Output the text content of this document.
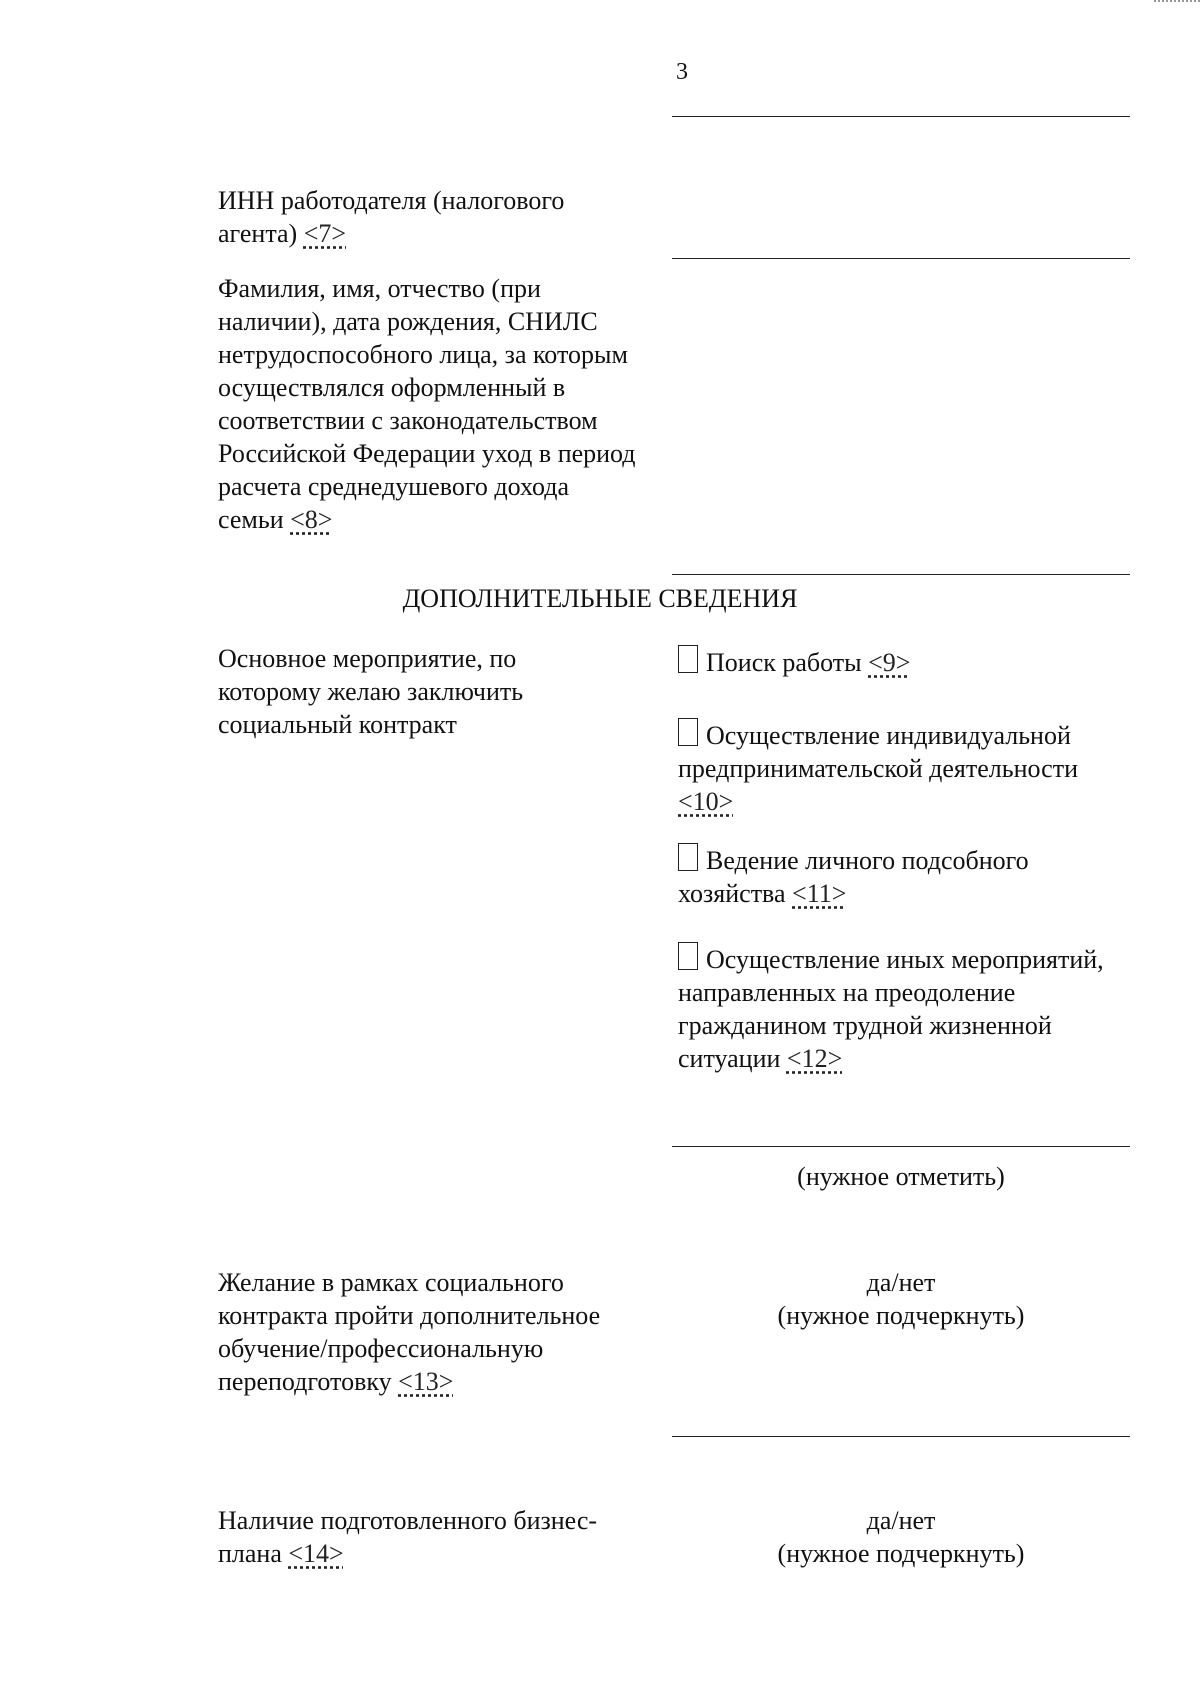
3
ИНН работодателя (налогового агента) <7>
Фамилия, имя, отчество (при наличии), дата рождения, СНИЛС нетрудоспособного лица, за которым осуществлялся оформленный в соответствии с законодательством Российской Федерации уход в период расчета среднедушевого дохода семьи <8>
ДОПОЛНИТЕЛЬНЫЕ СВЕДЕНИЯ
Основное мероприятие, по которому желаю заключить социальный контракт
Поиск работы <9>
Осуществление индивидуальной предпринимательской деятельности <10>
Ведение личного подсобного хозяйства <11>
Осуществление иных мероприятий, направленных на преодоление гражданином трудной жизненной ситуации <12>
(нужное отметить)
Желание в рамках социального контракта пройти дополнительное обучение/профессиональную переподготовку <13>
да/нет
(нужное подчеркнуть)
Наличие подготовленного бизнес-плана <14>
да/нет
(нужное подчеркнуть)
